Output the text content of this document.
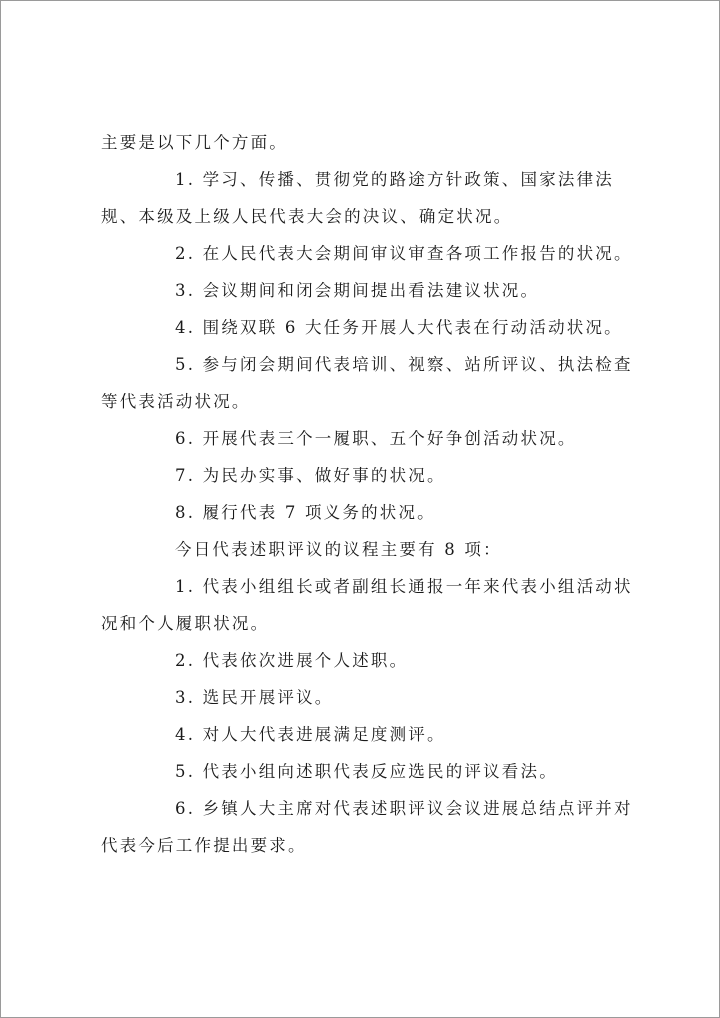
主要是以下几个方面。

1. 学习、传播、贯彻党的路途方针政策、国家法律法规、本级及上级人民代表大会的决议、确定状况。

2. 在人民代表大会期间审议审查各项工作报告的状况。

3. 会议期间和闭会期间提出看法建议状况。

4. 围绕双联 6 大任务开展人大代表在行动活动状况。

5. 参与闭会期间代表培训、视察、站所评议、执法检查等代表活动状况。

6. 开展代表三个一履职、五个好争创活动状况。

7. 为民办实事、做好事的状况。

8. 履行代表 7 项义务的状况。

今日代表述职评议的议程主要有 8 项：

1. 代表小组组长或者副组长通报一年来代表小组活动状况和个人履职状况。

2. 代表依次进展个人述职。

3. 选民开展评议。

4. 对人大代表进展满足度测评。

5. 代表小组向述职代表反应选民的评议看法。

6. 乡镇人大主席对代表述职评议会议进展总结点评并对代表今后工作提出要求。
